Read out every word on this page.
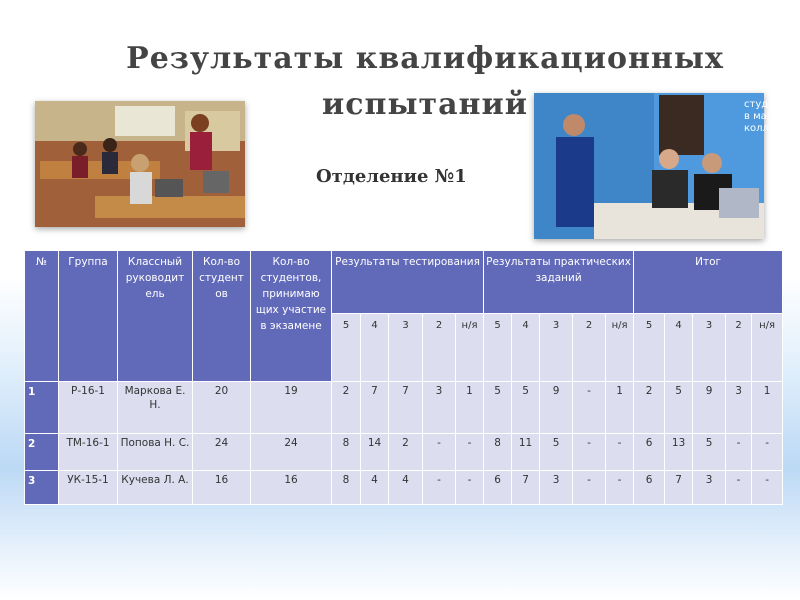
Результаты квалификационных испытаний
Отделение №1
студе
в маст
колле
№	Группа	Классный руководит ель	Кол-во студент ов	Кол-во студентов, принимаю щих участие в экзамене	Результаты тестирования					Результаты практических заданий					Итог				
					5	4	3	2	н/я	5	4	3	2	н/я	5	4	3	2	н/я
1	Р-16-1	Маркова Е. Н.	20	19	2	7	7	3	1	5	5	9	-	1	2	5	9	3	1
2	ТМ-16-1	Попова Н. С.	24	24	8	14	2	-	-	8	11	5	-	-	6	13	5	-	-
3	УК-15-1	Кучева Л. А.	16	16	8	4	4	-	-	6	7	3	-	-	6	7	3	-	-
